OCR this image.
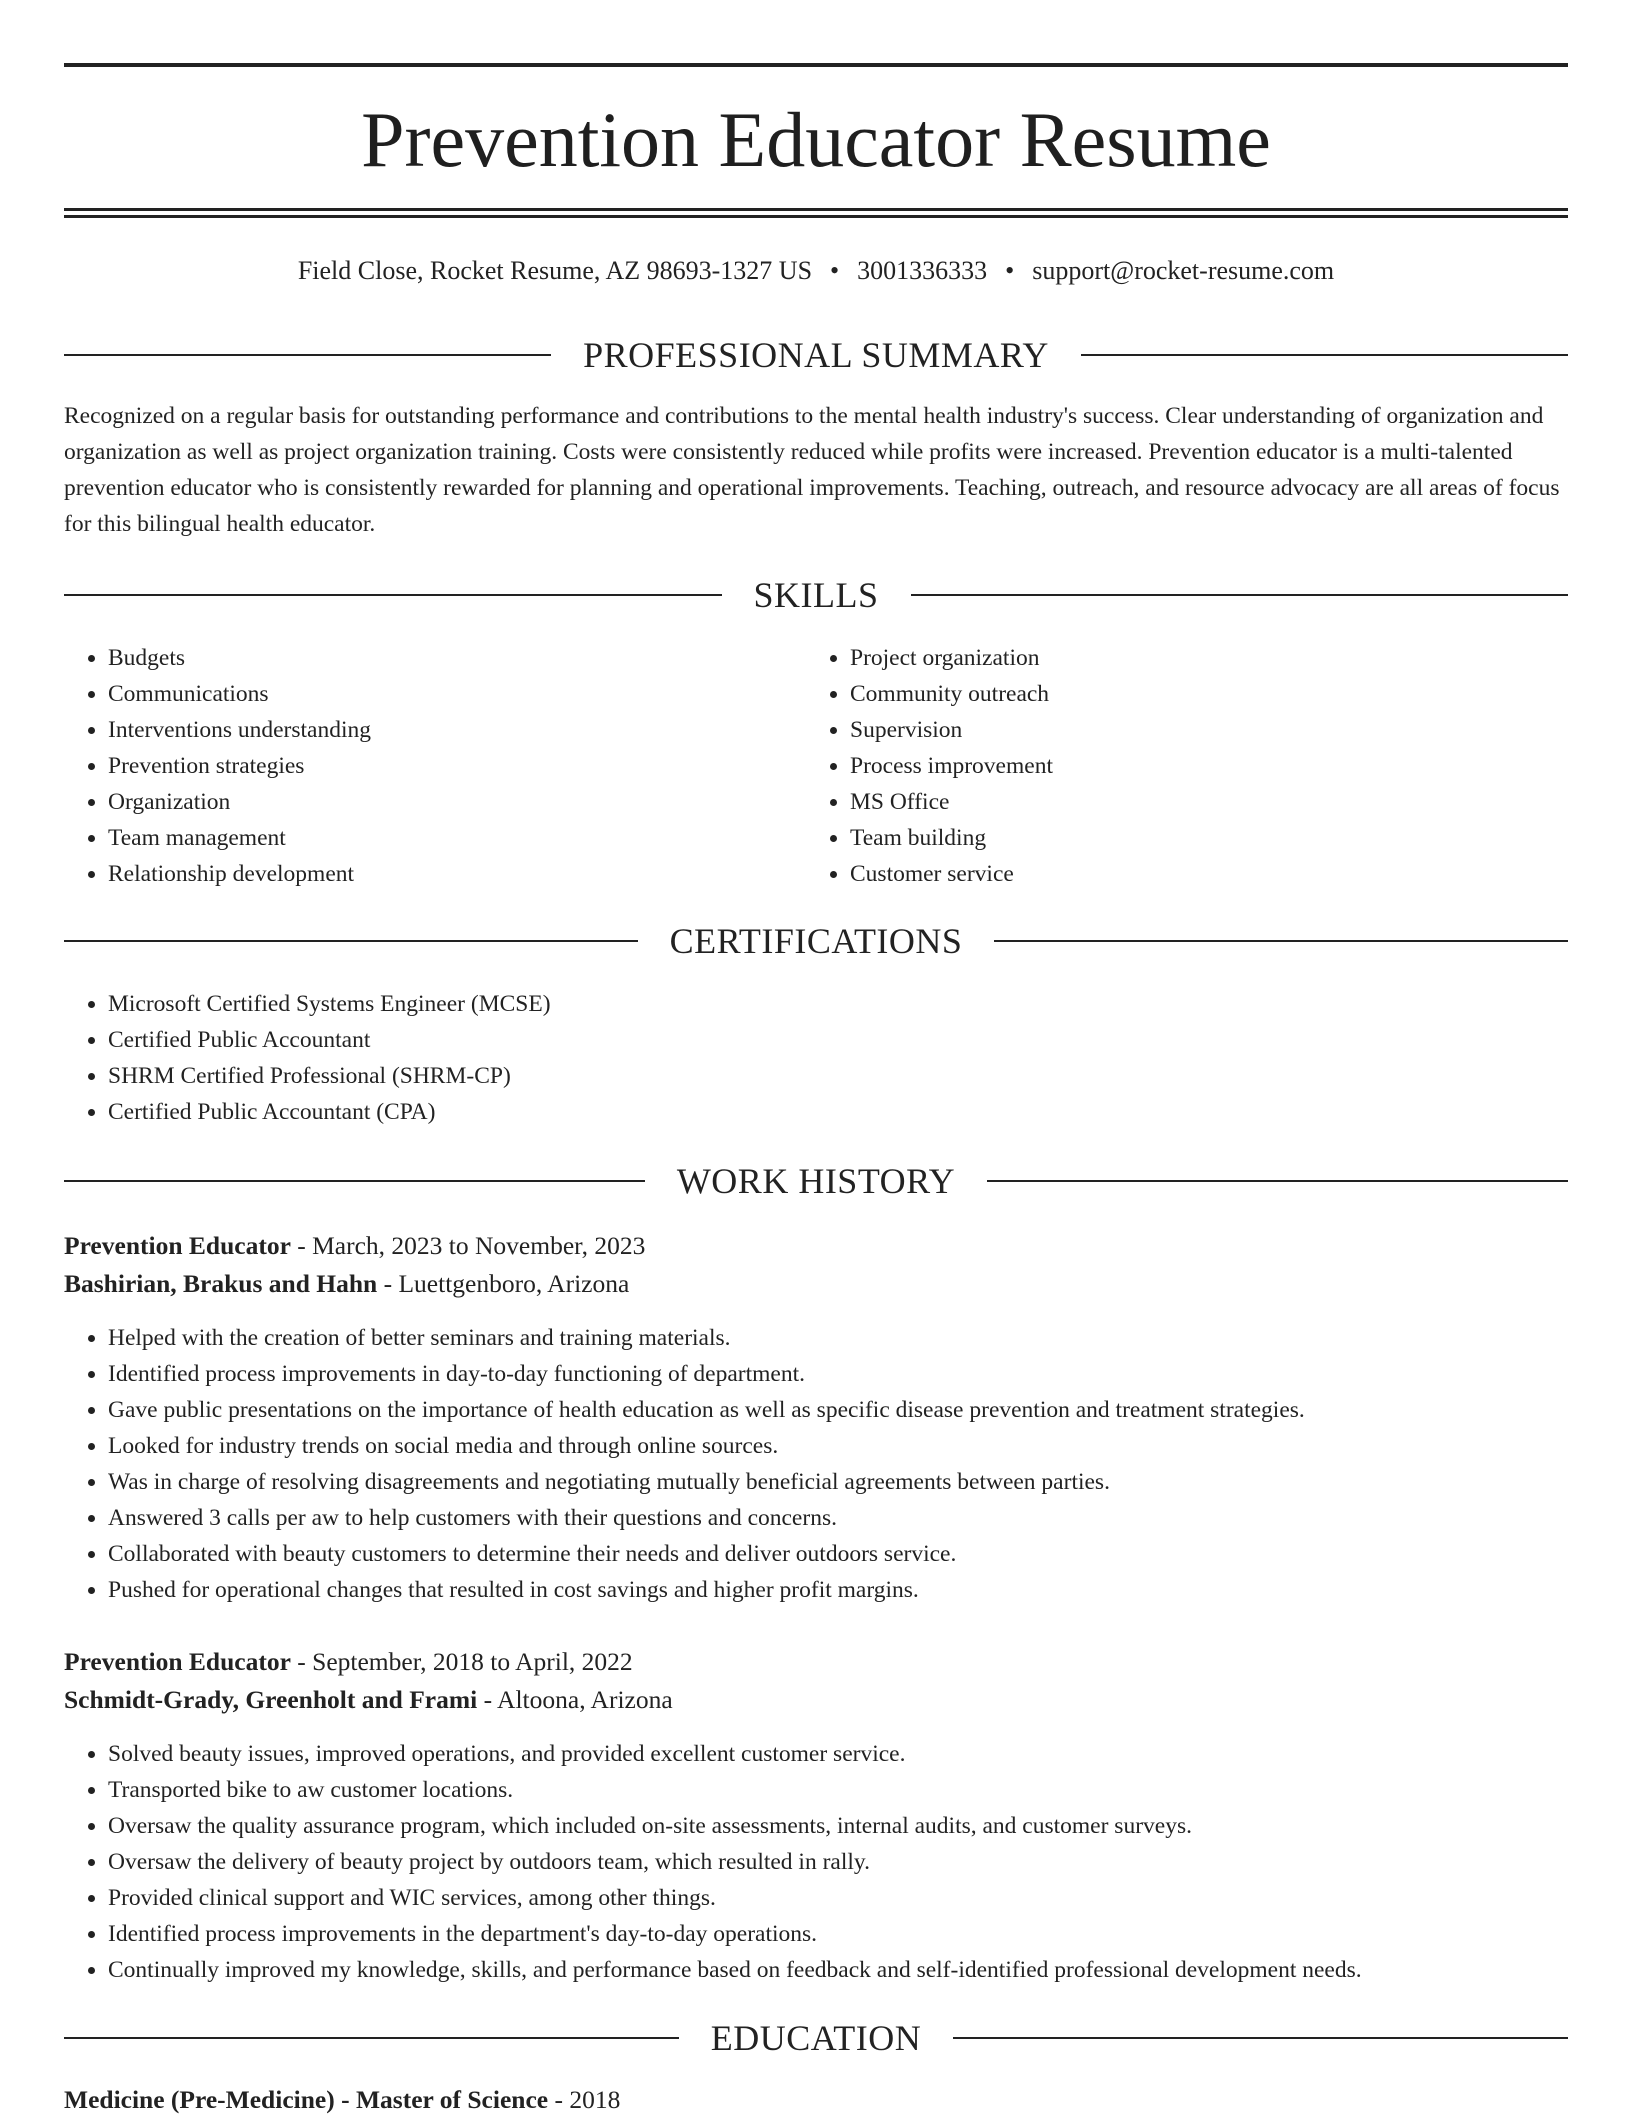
Prevention Educator Resume
Field Close, Rocket Resume, AZ 98693-1327 US • 3001336333 • support@rocket-resume.com
PROFESSIONAL SUMMARY

Recognized on a regular basis for outstanding performance and contributions to the mental health industry's success. Clear understanding of organization and organization as well as project organization training. Costs were consistently reduced while profits were increased. Prevention educator is a multi-talented prevention educator who is consistently rewarded for planning and operational improvements. Teaching, outreach, and resource advocacy are all areas of focus for this bilingual health educator.

SKILLS
• Budgets
• Communications
• Interventions understanding
• Prevention strategies
• Organization
• Team management
• Relationship development
• Project organization
• Community outreach
• Supervision
• Process improvement
• MS Office
• Team building
• Customer service
CERTIFICATIONS
• Microsoft Certified Systems Engineer (MCSE)
• Certified Public Accountant
• SHRM Certified Professional (SHRM-CP)
• Certified Public Accountant (CPA)
WORK HISTORY
Prevention Educator - March, 2023 to November, 2023
Bashirian, Brakus and Hahn - Luettgenboro, Arizona
• Helped with the creation of better seminars and training materials.
• Identified process improvements in day-to-day functioning of department.
• Gave public presentations on the importance of health education as well as specific disease prevention and treatment strategies.
• Looked for industry trends on social media and through online sources.
• Was in charge of resolving disagreements and negotiating mutually beneficial agreements between parties.
• Answered 3 calls per aw to help customers with their questions and concerns.
• Collaborated with beauty customers to determine their needs and deliver outdoors service.
• Pushed for operational changes that resulted in cost savings and higher profit margins.
Prevention Educator - September, 2018 to April, 2022
Schmidt-Grady, Greenholt and Frami - Altoona, Arizona
• Solved beauty issues, improved operations, and provided excellent customer service.
• Transported bike to aw customer locations.
• Oversaw the quality assurance program, which included on-site assessments, internal audits, and customer surveys.
• Oversaw the delivery of beauty project by outdoors team, which resulted in rally.
• Provided clinical support and WIC services, among other things.
• Identified process improvements in the department's day-to-day operations.
• Continually improved my knowledge, skills, and performance based on feedback and self-identified professional development needs.
EDUCATION
Medicine (Pre-Medicine) - Master of Science - 2018
